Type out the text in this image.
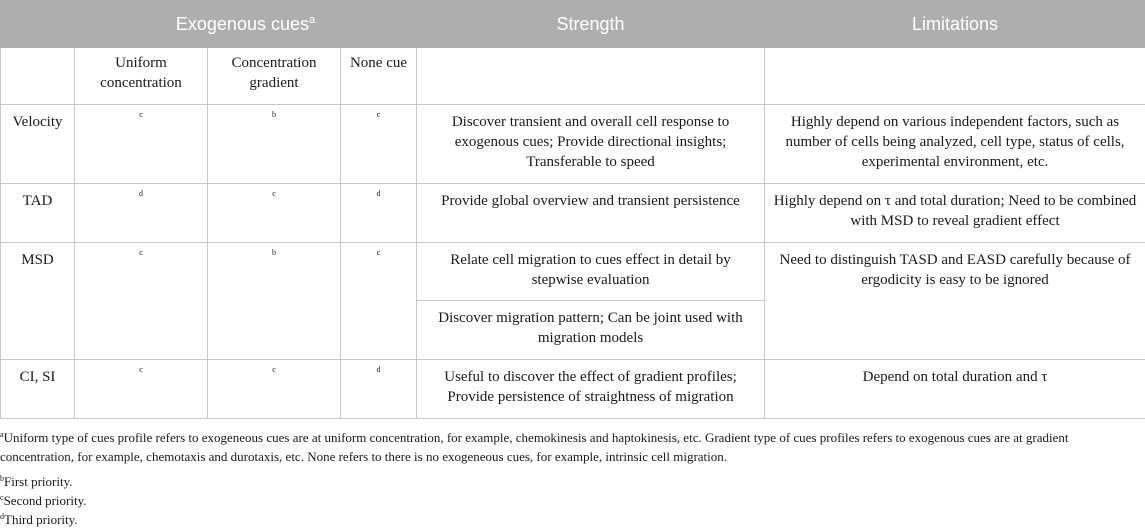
	Exogenous cues$^a$			Strength	Limitations
	Uniform concentration	Concentration gradient	None cue		
Velocity	c	b	c	Discover transient and overall cell response to exogenous cues; Provide directional insights; Transferable to speed	Highly depend on various independent factors, such as number of cells being analyzed, cell type, status of cells, experimental environment, etc.
TAD	d	c	d	Provide global overview and transient persistence	Highly depend on τ and total duration; Need to be combined with MSD to reveal gradient effect
MSD	c	b	c	Relate cell migration to cues effect in detail by stepwise evaluation	Need to distinguish TASD and EASD carefully because of ergodicity is easy to be ignored
				Discover migration pattern; Can be joint used with migration models	
CI, SI	c	c	d	Useful to discover the effect of gradient profiles; Provide persistence of straightness of migration	Depend on total duration and τ
$^a$Uniform type of cues profile refers to exogeneous cues are at uniform concentration, for example, chemokinesis and haptokinesis, etc. Gradient type of cues profiles refers to exogenous cues are at gradient concentration, for example, chemotaxis and durotaxis, etc. None refers to there is no exogeneous cues, for example, intrinsic cell migration.
$^b$First priority.
$^c$Second priority.
$^d$Third priority.
